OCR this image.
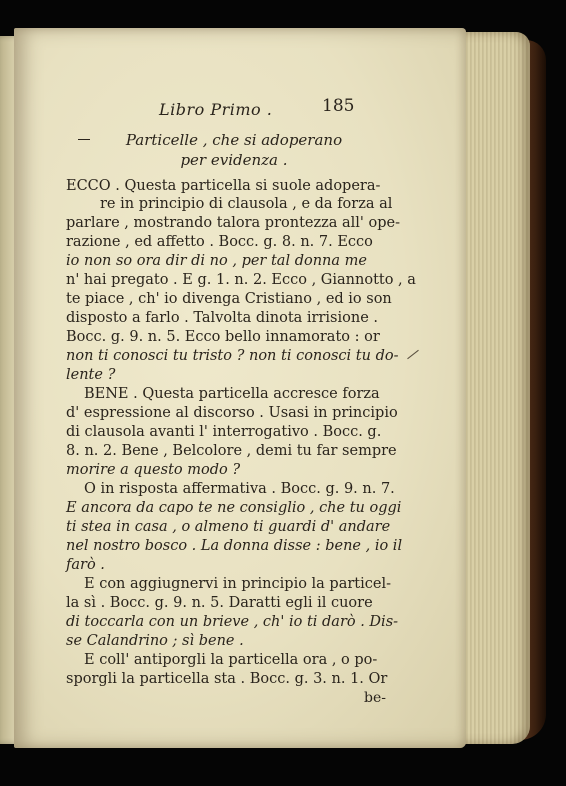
Libro Primo .	185
Particelle , che si adoperano
per evidenza .
ECCO . Questa particella si suole adopera-
re in principio di clausola , e da forza al
parlare , mostrando talora prontezza all' ope-
razione , ed affetto . Bocc. g. 8. n. 7. Ecco
io non so ora dir di no , per tal donna me
n' hai pregato . E g. 1. n. 2. Ecco , Giannotto , a
te piace , ch' io divenga Cristiano , ed io son
disposto a farlo . Talvolta dinota irrisione .
Bocc. g. 9. n. 5. Ecco bello innamorato : or
non ti conosci tu tristo ? non ti conosci tu do-
lente ?
BENE . Questa particella accresce forza
d' espressione al discorso . Usasi in principio
di clausola avanti l' interrogativo . Bocc. g.
8. n. 2. Bene , Belcolore , demi tu far sempre
morire a questo modo ?
O in risposta affermativa . Bocc. g. 9. n. 7.
E ancora da capo te ne consiglio , che tu oggi
ti stea in casa , o almeno ti guardi d' andare
nel nostro bosco . La donna disse : bene , io il
farò .
E con aggiugnervi in principio la particel-
la sì . Bocc. g. 9. n. 5. Daratti egli il cuore
di toccarla con un brieve , ch' io ti darò . Dis-
se Calandrino ; sì bene .
E coll' antiporgli la particella ora , o po-
sporgli la particella sta . Bocc. g. 3. n. 1. Or
be-
